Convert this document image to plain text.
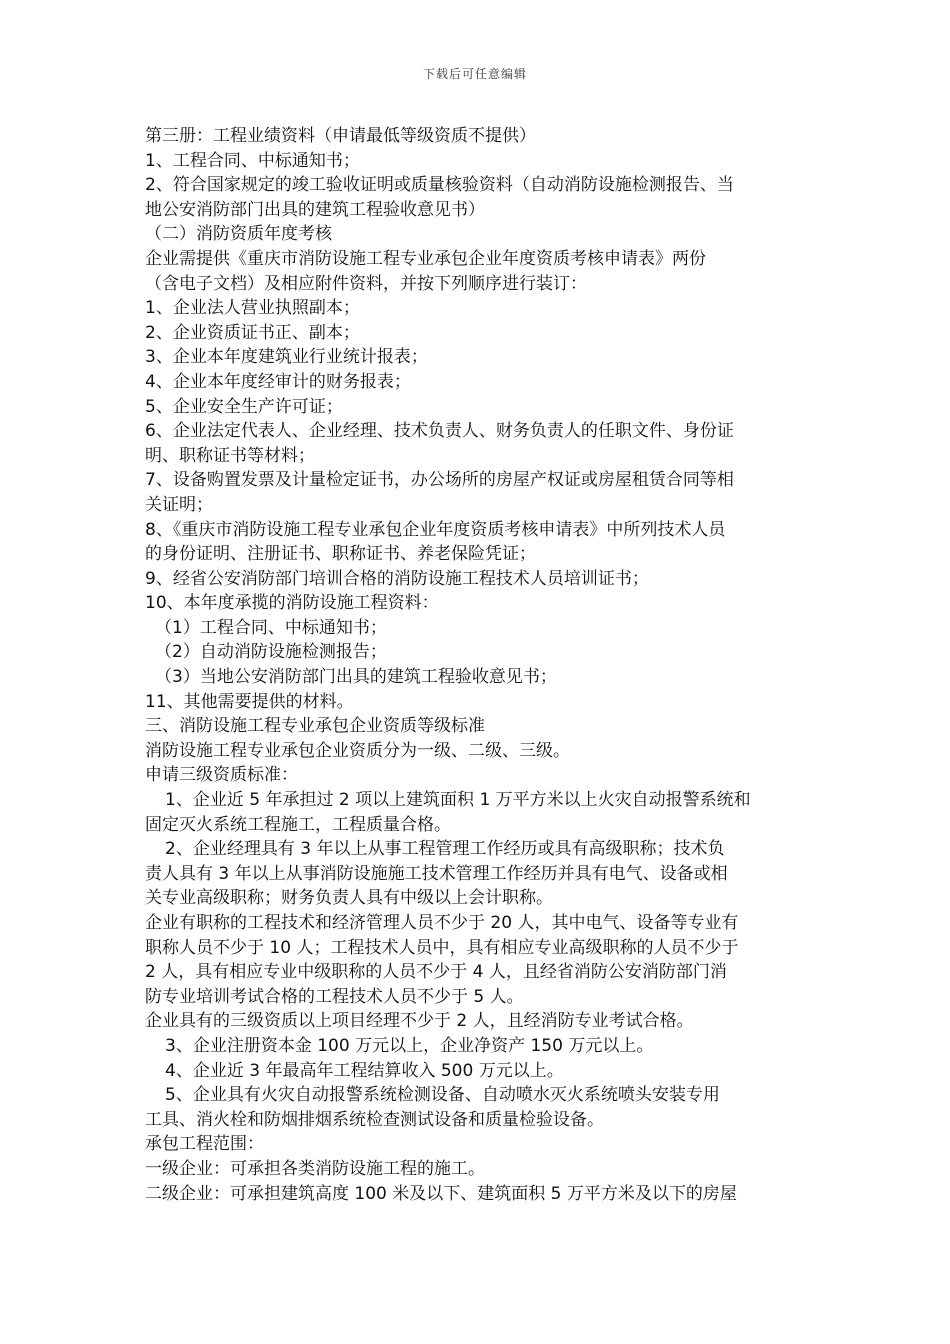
下载后可任意编辑
第三册：工程业绩资料（申请最低等级资质不提供）
1、工程合同、中标通知书；
2、符合国家规定的竣工验收证明或质量核验资料（自动消防设施检测报告、当
地公安消防部门出具的建筑工程验收意见书）
（二）消防资质年度考核
企业需提供《重庆市消防设施工程专业承包企业年度资质考核申请表》两份
（含电子文档）及相应附件资料，并按下列顺序进行装订：
1、企业法人营业执照副本；
2、企业资质证书正、副本；
3、企业本年度建筑业行业统计报表；
4、企业本年度经审计的财务报表；
5、企业安全生产许可证；
6、企业法定代表人、企业经理、技术负责人、财务负责人的任职文件、身份证
明、职称证书等材料；
7、设备购置发票及计量检定证书，办公场所的房屋产权证或房屋租赁合同等相
关证明；
8、《重庆市消防设施工程专业承包企业年度资质考核申请表》中所列技术人员
的身份证明、注册证书、职称证书、养老保险凭证；
9、经省公安消防部门培训合格的消防设施工程技术人员培训证书；
10、本年度承揽的消防设施工程资料：
（1）工程合同、中标通知书；
（2）自动消防设施检测报告；
（3）当地公安消防部门出具的建筑工程验收意见书；
11、其他需要提供的材料。
三、消防设施工程专业承包企业资质等级标准
消防设施工程专业承包企业资质分为一级、二级、三级。
申请三级资质标准：
1、企业近 5 年承担过 2 项以上建筑面积 1 万平方米以上火灾自动报警系统和
固定灭火系统工程施工，工程质量合格。
2、企业经理具有 3 年以上从事工程管理工作经历或具有高级职称；技术负
责人具有 3 年以上从事消防设施施工技术管理工作经历并具有电气、设备或相
关专业高级职称；财务负责人具有中级以上会计职称。
企业有职称的工程技术和经济管理人员不少于 20 人，其中电气、设备等专业有
职称人员不少于 10 人；工程技术人员中，具有相应专业高级职称的人员不少于
2 人，具有相应专业中级职称的人员不少于 4 人，且经省消防公安消防部门消
防专业培训考试合格的工程技术人员不少于 5 人。
企业具有的三级资质以上项目经理不少于 2 人，且经消防专业考试合格。
3、企业注册资本金 100 万元以上，企业净资产 150 万元以上。
4、企业近 3 年最高年工程结算收入 500 万元以上。
5、企业具有火灾自动报警系统检测设备、自动喷水灭火系统喷头安装专用
工具、消火栓和防烟排烟系统检查测试设备和质量检验设备。
承包工程范围：
一级企业：可承担各类消防设施工程的施工。
二级企业：可承担建筑高度 100 米及以下、建筑面积 5 万平方米及以下的房屋
